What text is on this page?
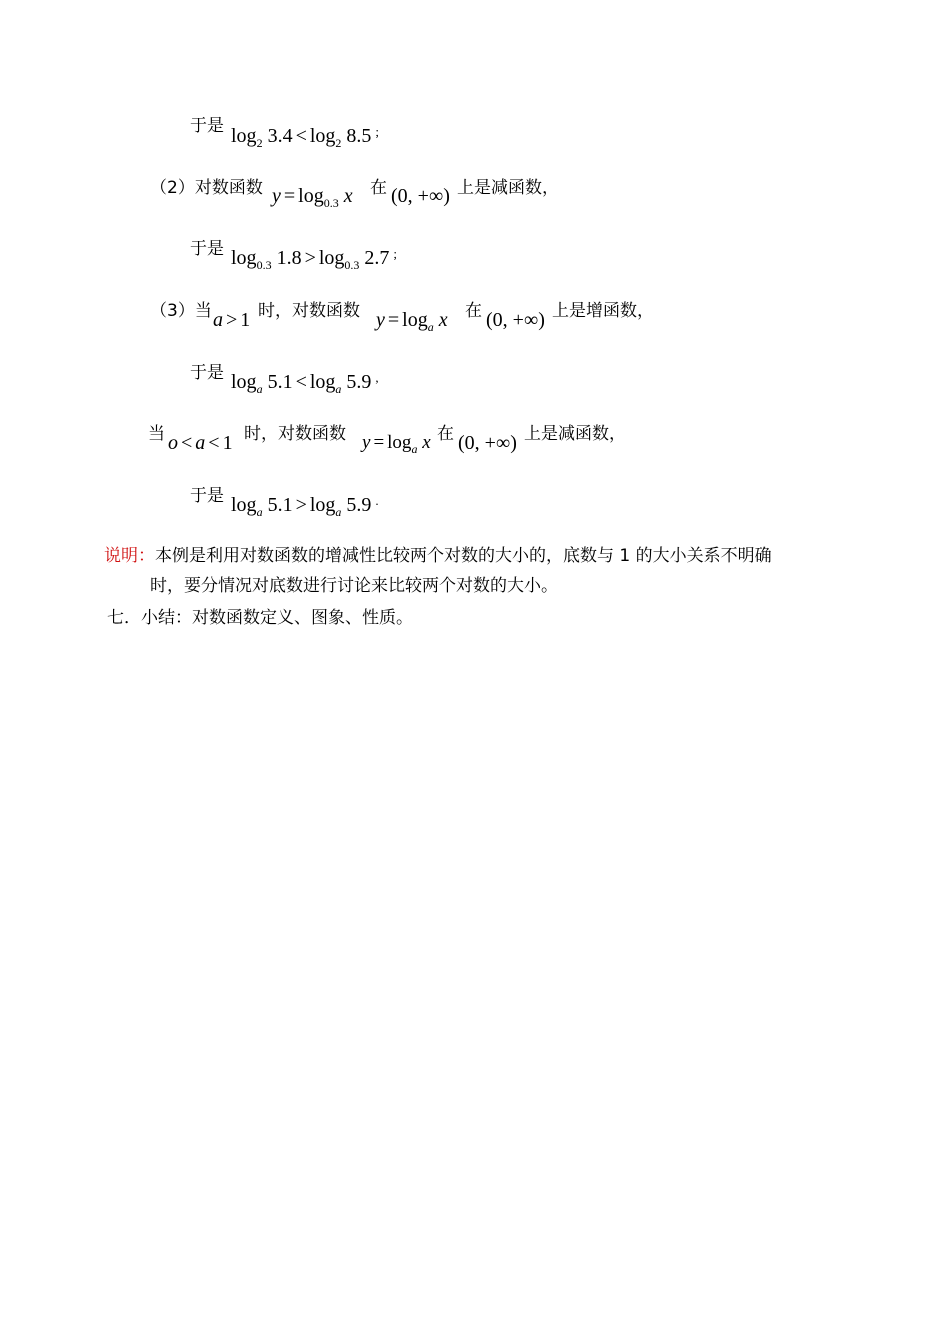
于是 $\log_2 3.4 < \log_2 8.5$ ;
（2）对数函数 $y = \log_{0.3} x$ 在 (0, +∞) 上是减函数，
于是 $\log_{0.3} 1.8 > \log_{0.3} 2.7$ ;
（3）当 a > 1 时，对数函数 $y = \log_a x$ 在 (0, +∞) 上是增函数，
于是 $\log_a 5.1 < \log_a 5.9$ ,
当 o < a < 1 时，对数函数 $y = \log_a x$ 在 (0, +∞) 上是减函数，
于是 $\log_a 5.1 > \log_a 5.9$ .
说明：本例是利用对数函数的增减性比较两个对数的大小的，底数与 1 的大小关系不明确
时，要分情况对底数进行讨论来比较两个对数的大小。
七．小结：对数函数定义、图象、性质。
